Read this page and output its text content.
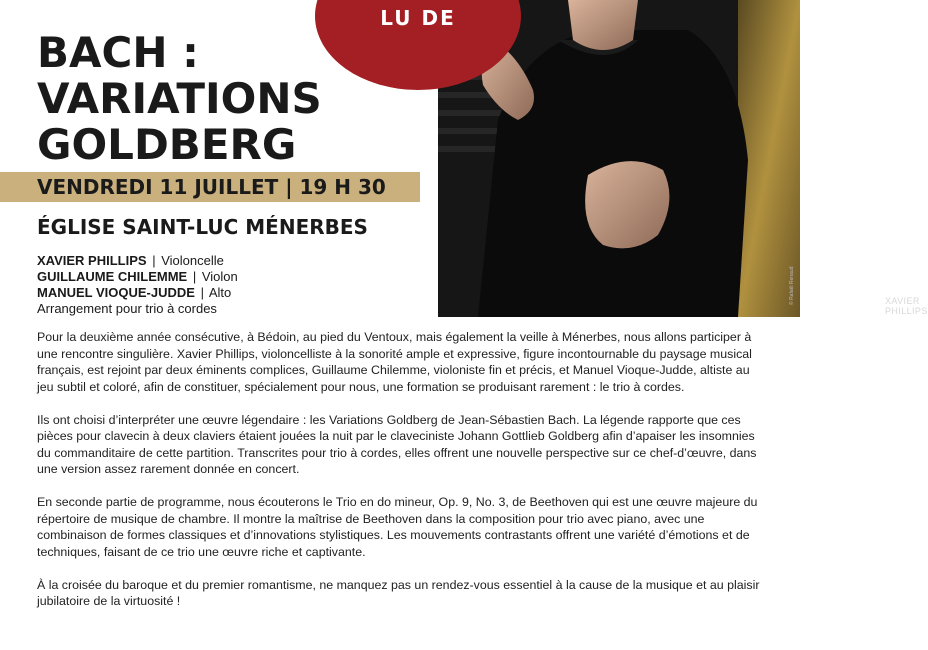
BACH :
VARIATIONS
GOLDBERG
VENDREDI 11 JUILLET | 19 H 30
ÉGLISE SAINT-LUC MÉNERBES
XAVIER PHILLIPS | Violoncelle
GUILLAUME CHILEMME | Violon
MANUEL VIOQUE-JUDDE | Alto
Arrangement pour trio à cordes	XAVIER PHILLIPS
© Rafaël Renaud
LU DE

Pour la deuxième année consécutive, à Bédoin, au pied du Ventoux, mais également la veille à Ménerbes, nous allons participer à une rencontre singulière. Xavier Phillips, violoncelliste à la sonorité ample et expressive, figure incontournable du paysage musical français, est rejoint par deux éminents complices, Guillaume Chilemme, violoniste fin et précis, et Manuel Vioque-Judde, altiste au jeu subtil et coloré, afin de constituer, spécialement pour nous, une formation se produisant rarement : le trio à cordes.

Ils ont choisi d’interpréter une œuvre légendaire : les Variations Goldberg de Jean-Sébastien Bach. La légende rapporte que ces pièces pour clavecin à deux claviers étaient jouées la nuit par le claveciniste Johann Gottlieb Goldberg afin d’apaiser les insomnies du commanditaire de cette partition. Transcrites pour trio à cordes, elles offrent une nouvelle perspective sur ce chef-d’œuvre, dans une version assez rarement donnée en concert.

En seconde partie de programme, nous écouterons le Trio en do mineur, Op. 9, No. 3, de Beethoven qui est une œuvre majeure du répertoire de musique de chambre. Il montre la maîtrise de Beethoven dans la composition pour trio avec piano, avec une combinaison de formes classiques et d’innovations stylistiques. Les mouvements contrastants offrent une variété d’émotions et de techniques, faisant de ce trio une œuvre riche et captivante.

À la croisée du baroque et du premier romantisme, ne manquez pas un rendez-vous essentiel à la cause de la musique et au plaisir jubilatoire de la virtuosité !
